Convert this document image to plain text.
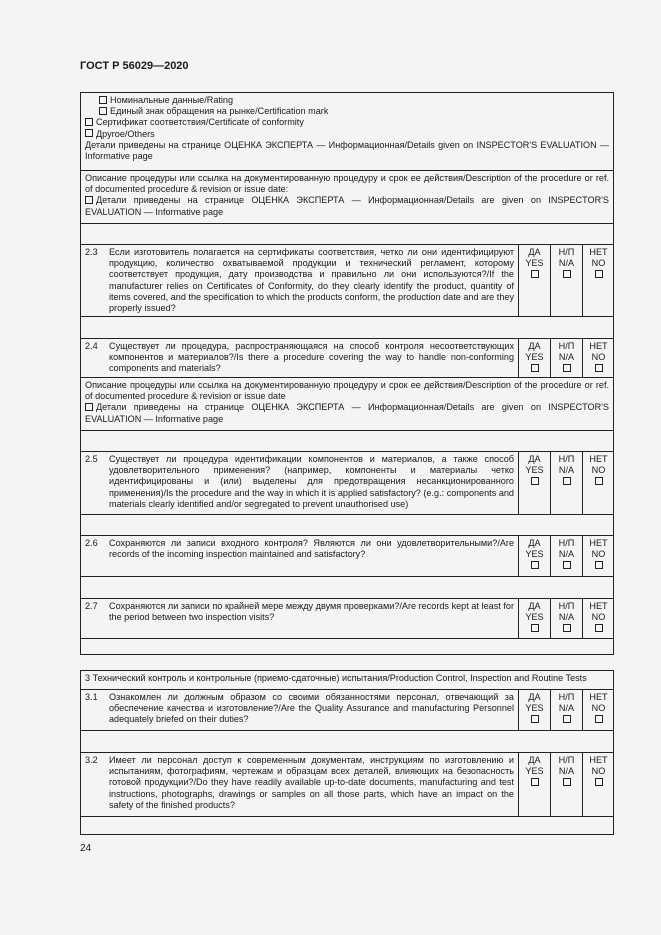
ГОСТ Р 56029—2020
Номинальные данные/Rating
Единый знак обращения на рынке/Certification mark
Сертификат соответствия/Certificate of conformity
Другое/Others
Детали приведены на странице ОЦЕНКА ЭКСПЕРТА — Информационная/Details given on INSPECTOR'S EVALUATION — Informative page
Описание процедуры или ссылка на документированную процедуру и срок ее действия/Description of the procedure or ref. of documented procedure & revision or issue date:
Детали приведены на странице ОЦЕНКА ЭКСПЕРТА — Информационная/Details are given on INSPECTOR'S EVALUATION — Informative page
2.3 Если изготовитель полагается на сертификаты соответствия, четко ли они идентифицируют продукцию, количество охватываемой продукции и технический регламент, которому соответствует продукция, дату производства и правильно ли они используются?/If the manufacturer relies on Certificates of Conformity, do they clearly identify the product, quantity of items covered, and the specification to which the products conform, the production date and are they properly issued?
ДА
YES
Н/П
N/A
НЕТ
NO
2.4 Существует ли процедура, распространяющаяся на способ контроля несоответствующих компонентов и материалов?/Is there a procedure covering the way to handle non-conforming components and materials?
ДА
YES
Н/П
N/A
НЕТ
NO
Описание процедуры или ссылка на документированную процедуру и срок ее действия/Description of the procedure or ref. of documented procedure & revision or issue date
Детали приведены на странице ОЦЕНКА ЭКСПЕРТА — Информационная/Details are given on INSPECTOR'S EVALUATION — Informative page
2.5 Существует ли процедура идентификации компонентов и материалов, а также способ удовлетворительного применения? (например, компоненты и материалы четко идентифицированы и (или) выделены для предотвращения несанкционированного применения)/Is the procedure and the way in which it is applied satisfactory? (e.g.: components and materials clearly identified and/or segregated to prevent unauthorised use)
ДА
YES
Н/П
N/A
НЕТ
NO
2.6 Сохраняются ли записи входного контроля? Являются ли они удовлетворительными?/Are records of the incoming inspection maintained and satisfactory?
ДА
YES
Н/П
N/A
НЕТ
NO
2.7 Сохраняются ли записи по крайней мере между двумя проверками?/Are records kept at least for the period between two inspection visits?
ДА
YES
Н/П
N/A
НЕТ
NO
3 Технический контроль и контрольные (приемо-сдаточные) испытания/Production Control, Inspection and Routine Tests
3.1 Ознакомлен ли должным образом со своими обязанностями персонал, отвечающий за обеспечение качества и изготовление?/Are the Quality Assurance and manufacturing Personnel adequately briefed on their duties?
ДА
YES
Н/П
N/A
НЕТ
NO
3.2 Имеет ли персонал доступ к современным документам, инструкциям по изготовлению и испытаниям, фотографиям, чертежам и образцам всех деталей, влияющих на безопасность готовой продукции?/Do they have readily available up-to-date documents, manufacturing and test instructions, photographs, drawings or samples on all those parts, which have an impact on the safety of the finished products?
ДА
YES
Н/П
N/A
НЕТ
NO
24
